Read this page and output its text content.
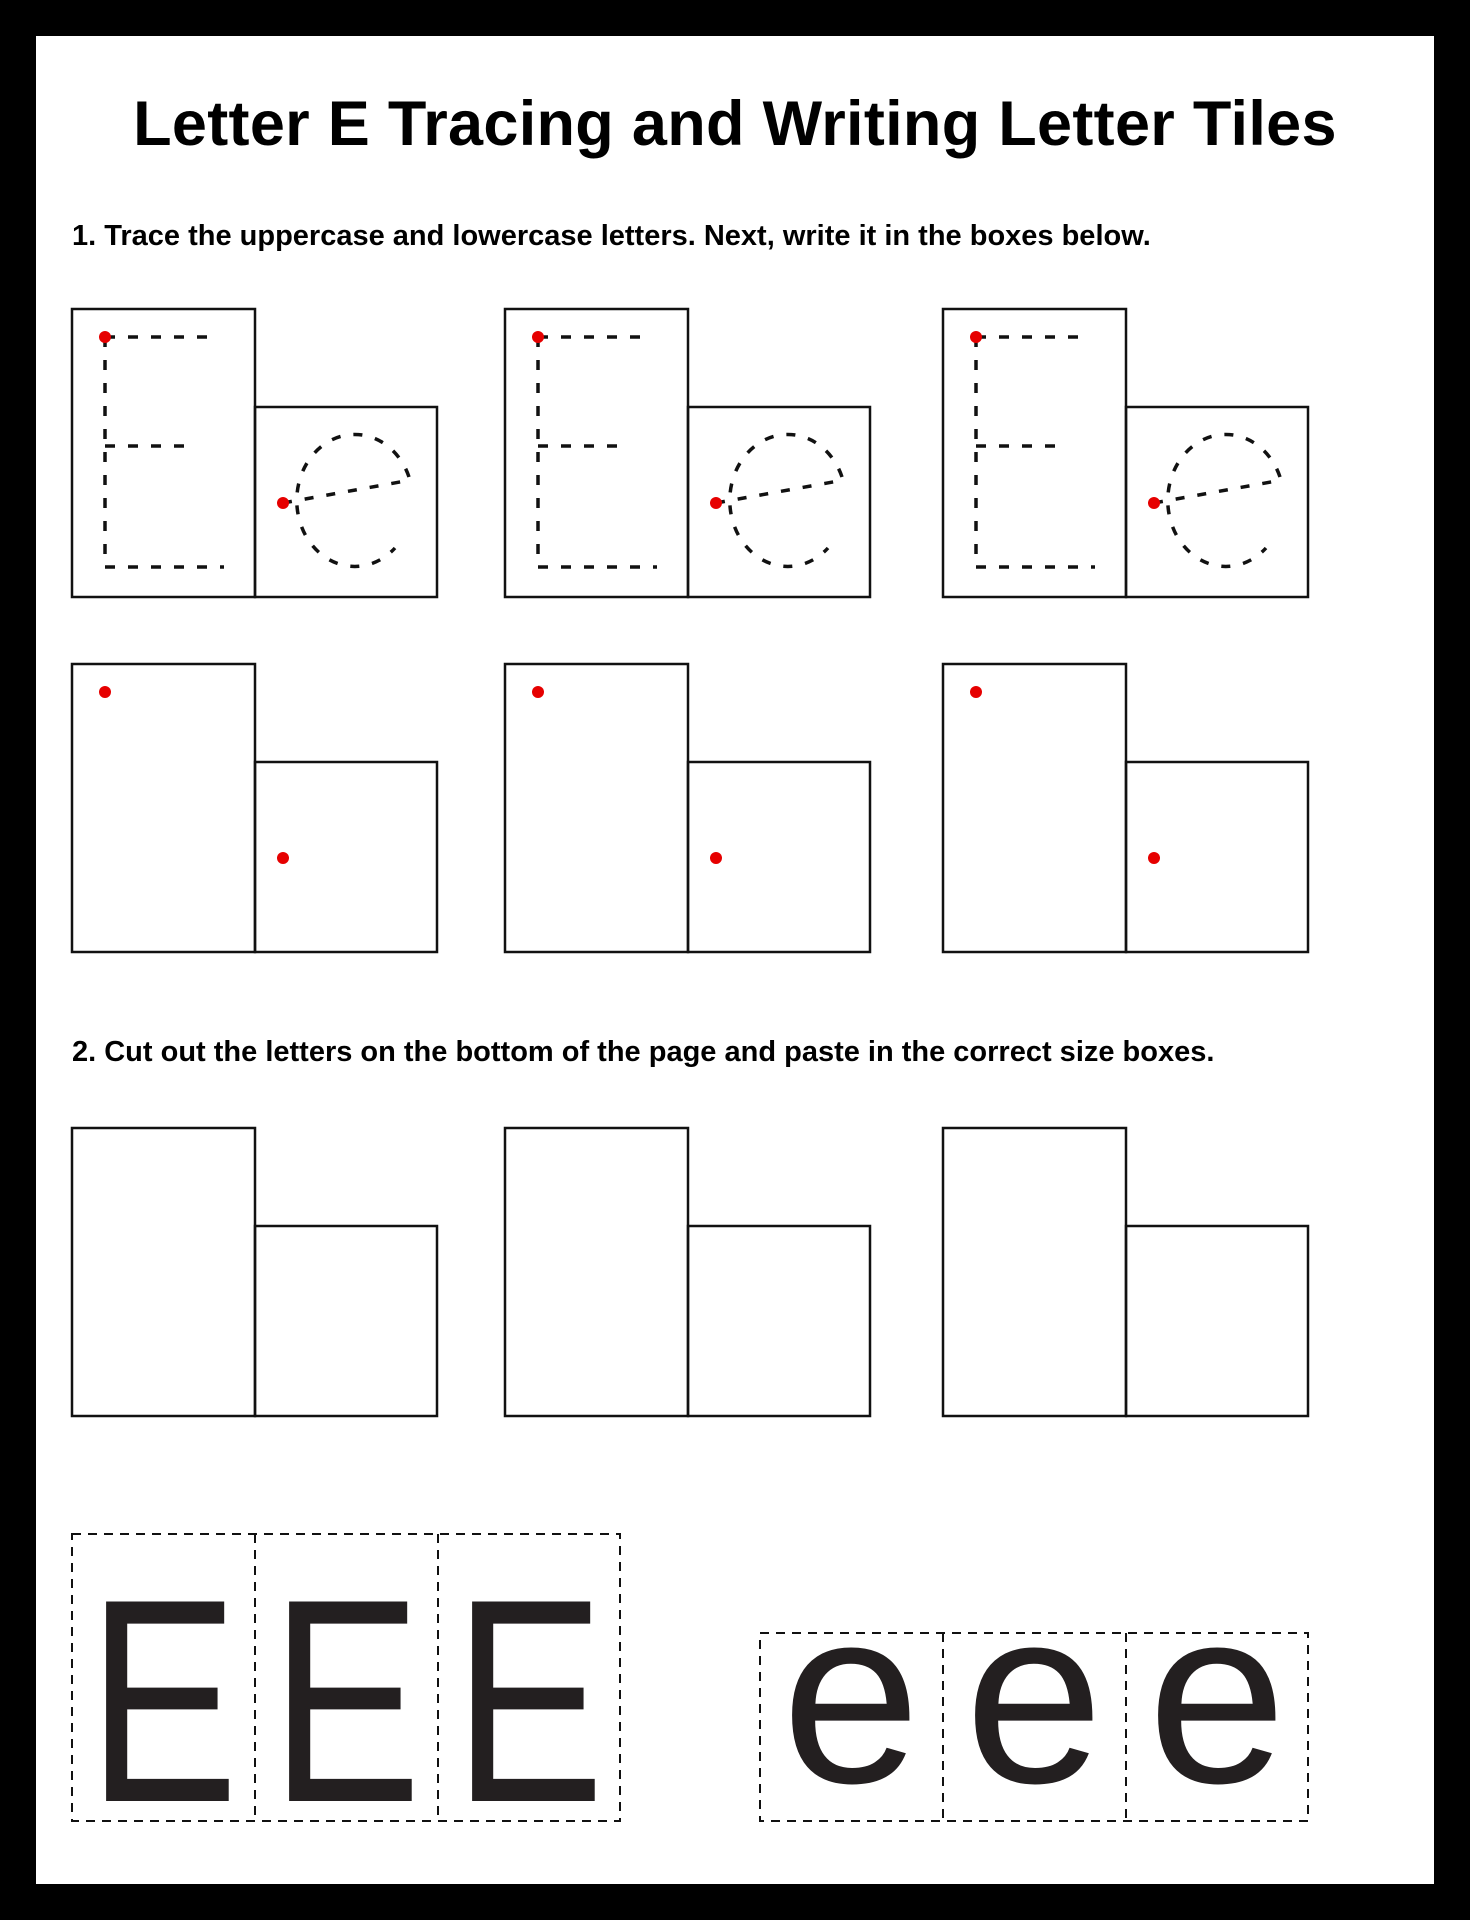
Letter E Tracing and Writing Letter Tiles
1. Trace the uppercase and lowercase letters. Next, write it in the boxes below.
2. Cut out the letters on the bottom of the page and paste in the correct size boxes.
E E E e e e
